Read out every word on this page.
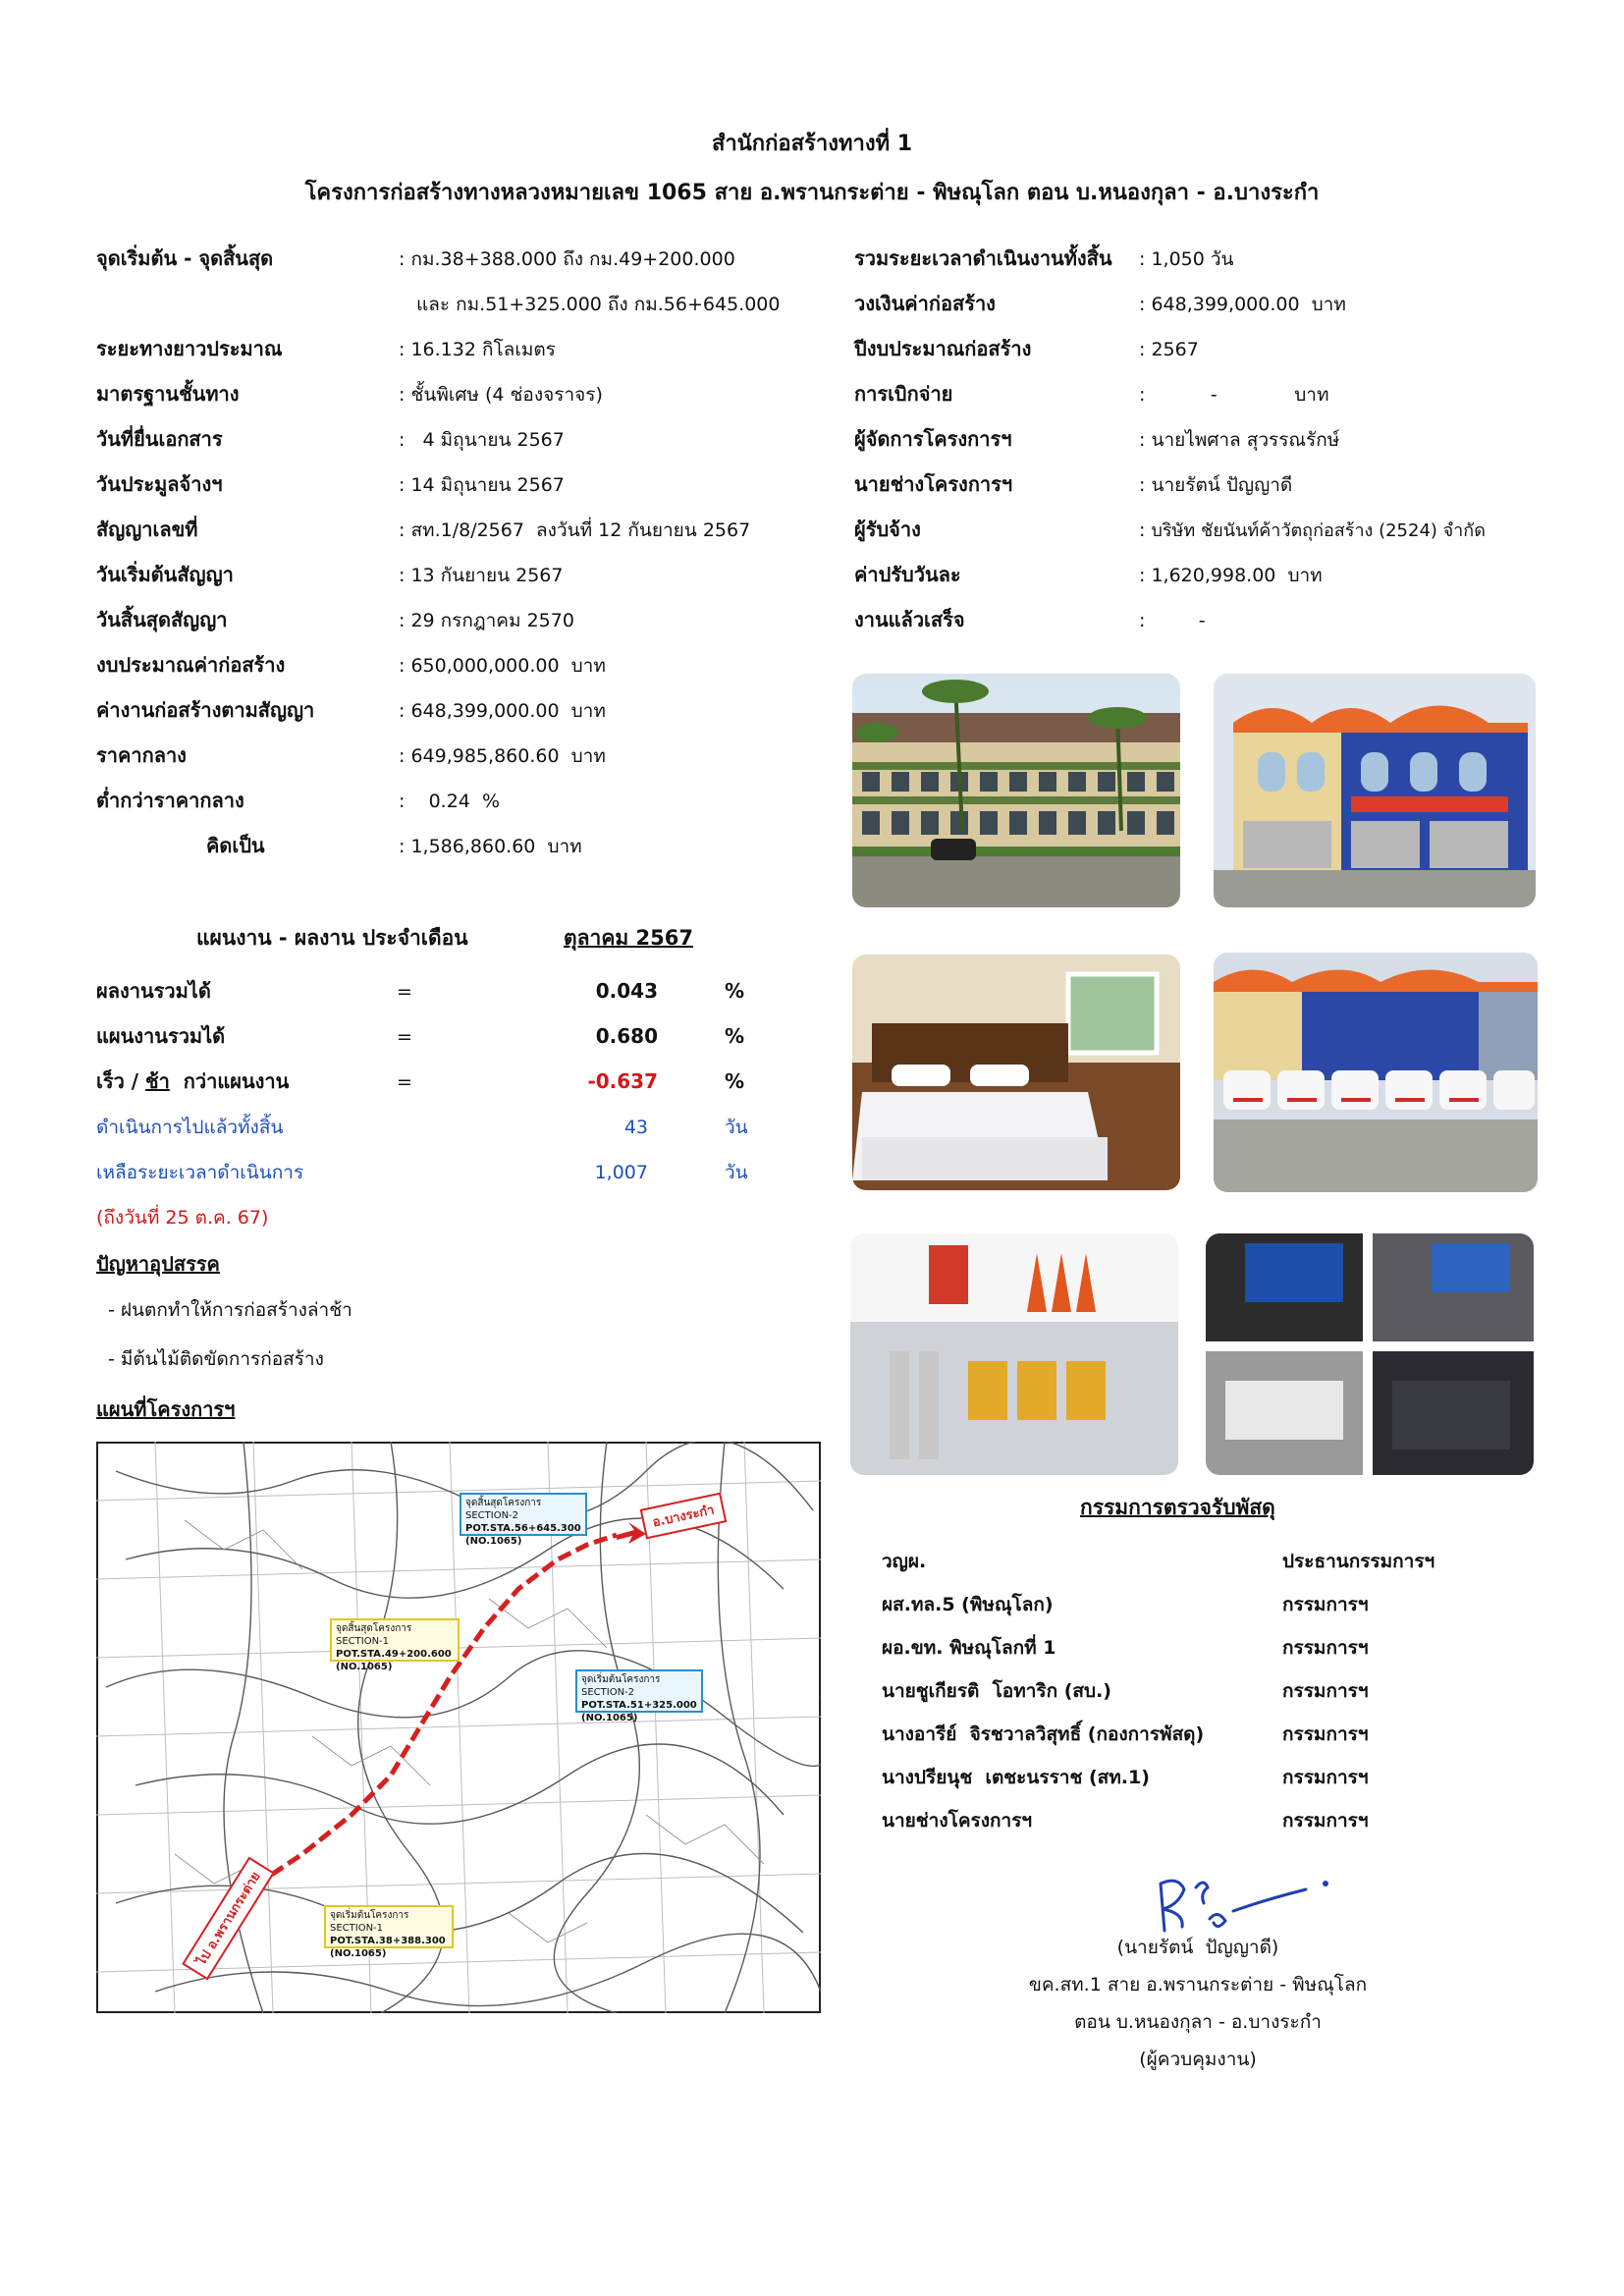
สำนักก่อสร้างทางที่ 1
โครงการก่อสร้างทางหลวงหมายเลข 1065 สาย อ.พรานกระต่าย - พิษณุโลก ตอน บ.หนองกุลา - อ.บางระกำ
จุดเริ่มต้น - จุดสิ้นสุด	: กม.38+388.000 ถึง กม.49+200.000
และ กม.51+325.000 ถึง กม.56+645.000
ระยะทางยาวประมาณ	: 16.132 กิโลเมตร
มาตรฐานชั้นทาง	: ชั้นพิเศษ (4 ช่องจราจร)
วันที่ยื่นเอกสาร	:   4 มิถุนายน 2567
วันประมูลจ้างฯ	: 14 มิถุนายน 2567
สัญญาเลขที่	: สท.1/8/2567  ลงวันที่ 12 กันยายน 2567
วันเริ่มต้นสัญญา	: 13 กันยายน 2567
วันสิ้นสุดสัญญา	: 29 กรกฎาคม 2570
งบประมาณค่าก่อสร้าง	: 650,000,000.00  บาท
ค่างานก่อสร้างตามสัญญา	: 648,399,000.00  บาท
ราคากลาง	: 649,985,860.60  บาท
ต่ำกว่าราคากลาง	:    0.24  %
คิดเป็น	: 1,586,860.60  บาท
รวมระยะเวลาดำเนินงานทั้งสิ้น : 1,050 วัน
วงเงินค่าก่อสร้าง	: 648,399,000.00  บาท
ปีงบประมาณก่อสร้าง	: 2567
การเบิกจ่าย	:           -             บาท
ผู้จัดการโครงการฯ	: นายไพศาล สุวรรณรักษ์
นายช่างโครงการฯ	: นายรัตน์ ปัญญาดี
ผู้รับจ้าง	: บริษัท ชัยนันท์ค้าวัตถุก่อสร้าง (2524) จำกัด
ค่าปรับวันละ	: 1,620,998.00  บาท
งานแล้วเสร็จ	:         -
แผนงาน - ผลงาน ประจำเดือน	ตุลาคม 2567
ผลงานรวมได้	=	0.043	%
แผนงานรวมได้	=	0.680	%
เร็ว / ช้า  กว่าแผนงาน	=	-0.637	%
ดำเนินการไปแล้วทั้งสิ้น	43	วัน
เหลือระยะเวลาดำเนินการ	1,007	วัน
(ถึงวันที่ 25 ต.ค. 67)
ปัญหาอุปสรรค
- ฝนตกทำให้การก่อสร้างล่าช้า
- มีต้นไม้ติดขัดการก่อสร้าง
แผนที่โครงการฯ
จุดสิ้นสุดโครงการ SECTION-2
POT.STA.56+645.300 (NO.1065)
จุดสิ้นสุดโครงการ SECTION-1
POT.STA.49+200.600 (NO.1065)
จุดเริ่มต้นโครงการ SECTION-2
POT.STA.51+325.000 (NO.1065)
จุดเริ่มต้นโครงการ SECTION-1
POT.STA.38+388.300 (NO.1065)
อ.บางระกำ
ไป อ.พรานกระต่าย
กรรมการตรวจรับพัสดุ
วญผ.	ประธานกรรมการฯ
ผส.ทล.5 (พิษณุโลก)	กรรมการฯ
ผอ.ขท. พิษณุโลกที่ 1	กรรมการฯ
นายชูเกียรติ  โอทาริก (สบ.)	กรรมการฯ
นางอารีย์  จิรชวาลวิสุทธิ์ (กองการพัสดุ)	กรรมการฯ
นางปรียนุช  เตชะนรราช (สท.1)	กรรมการฯ
นายช่างโครงการฯ	กรรมการฯ
(นายรัตน์  ปัญญาดี)
ขค.สท.1 สาย อ.พรานกระต่าย - พิษณุโลก
ตอน บ.หนองกุลา - อ.บางระกำ
(ผู้ควบคุมงาน)
